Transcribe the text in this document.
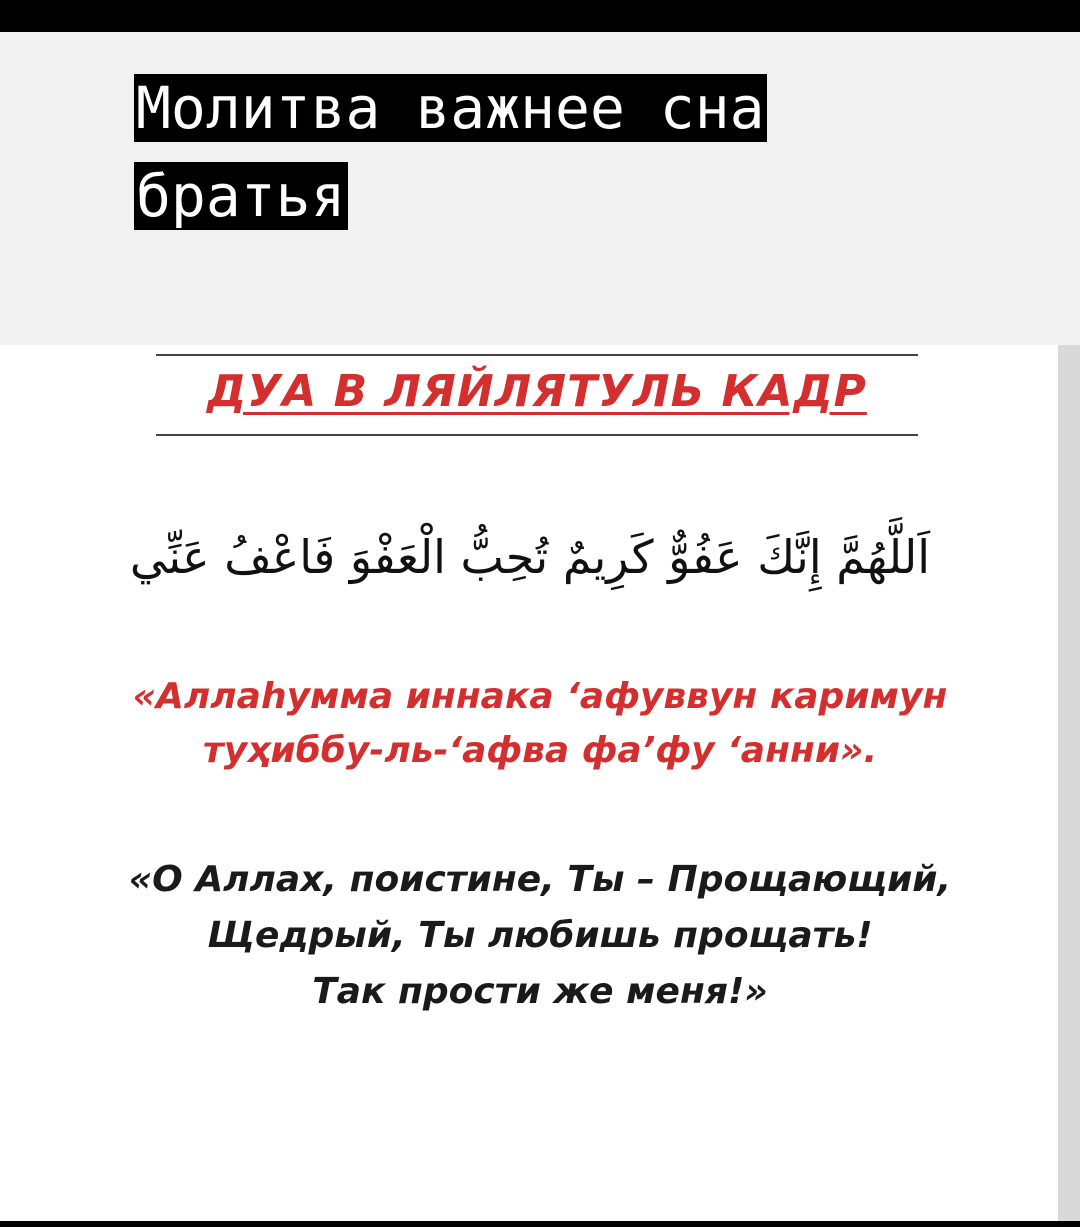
Молитва важнее сна
братья
ДУА В ЛЯЙЛЯТУЛЬ КАДР
اَللَّهُمَّ إِنَّكَ عَفُوٌّ كَرِيمٌ تُحِبُّ الْعَفْوَ فَاعْفُ عَنِّي
«Аллаhумма иннака ‘афуввун каримун
туҳиббу-ль-‘афва фа’фу ‘анни».
«О Аллах, поистине, Ты – Прощающий,
Щедрый, Ты любишь прощать!
Так прости же меня!»
